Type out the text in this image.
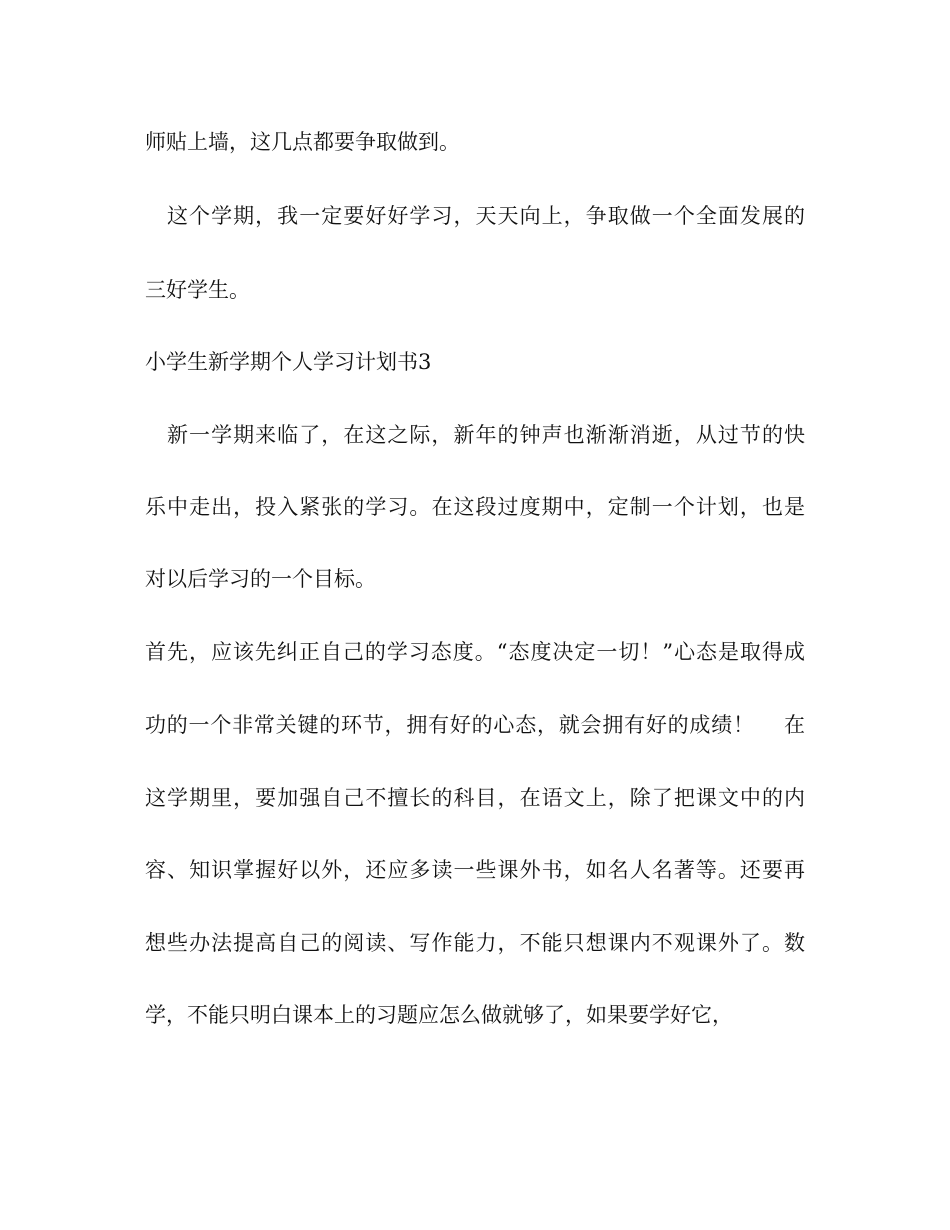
师贴上墙，这几点都要争取做到。
这个学期，我一定要好好学习，天天向上，争取做一个全面发展的
三好学生。
小学生新学期个人学习计划书3
新一学期来临了，在这之际，新年的钟声也渐渐消逝，从过节的快
乐中走出，投入紧张的学习。在这段过度期中，定制一个计划，也是
对以后学习的一个目标。
首先，应该先纠正自己的学习态度。“态度决定一切！”心态是取得成
功的一个非常关键的环节，拥有好的心态，就会拥有好的成绩！　 在
这学期里，要加强自己不擅长的科目，在语文上，除了把课文中的内
容、知识掌握好以外，还应多读一些课外书，如名人名著等。还要再
想些办法提高自己的阅读、写作能力，不能只想课内不观课外了。数
学，不能只明白课本上的习题应怎么做就够了，如果要学好它，
